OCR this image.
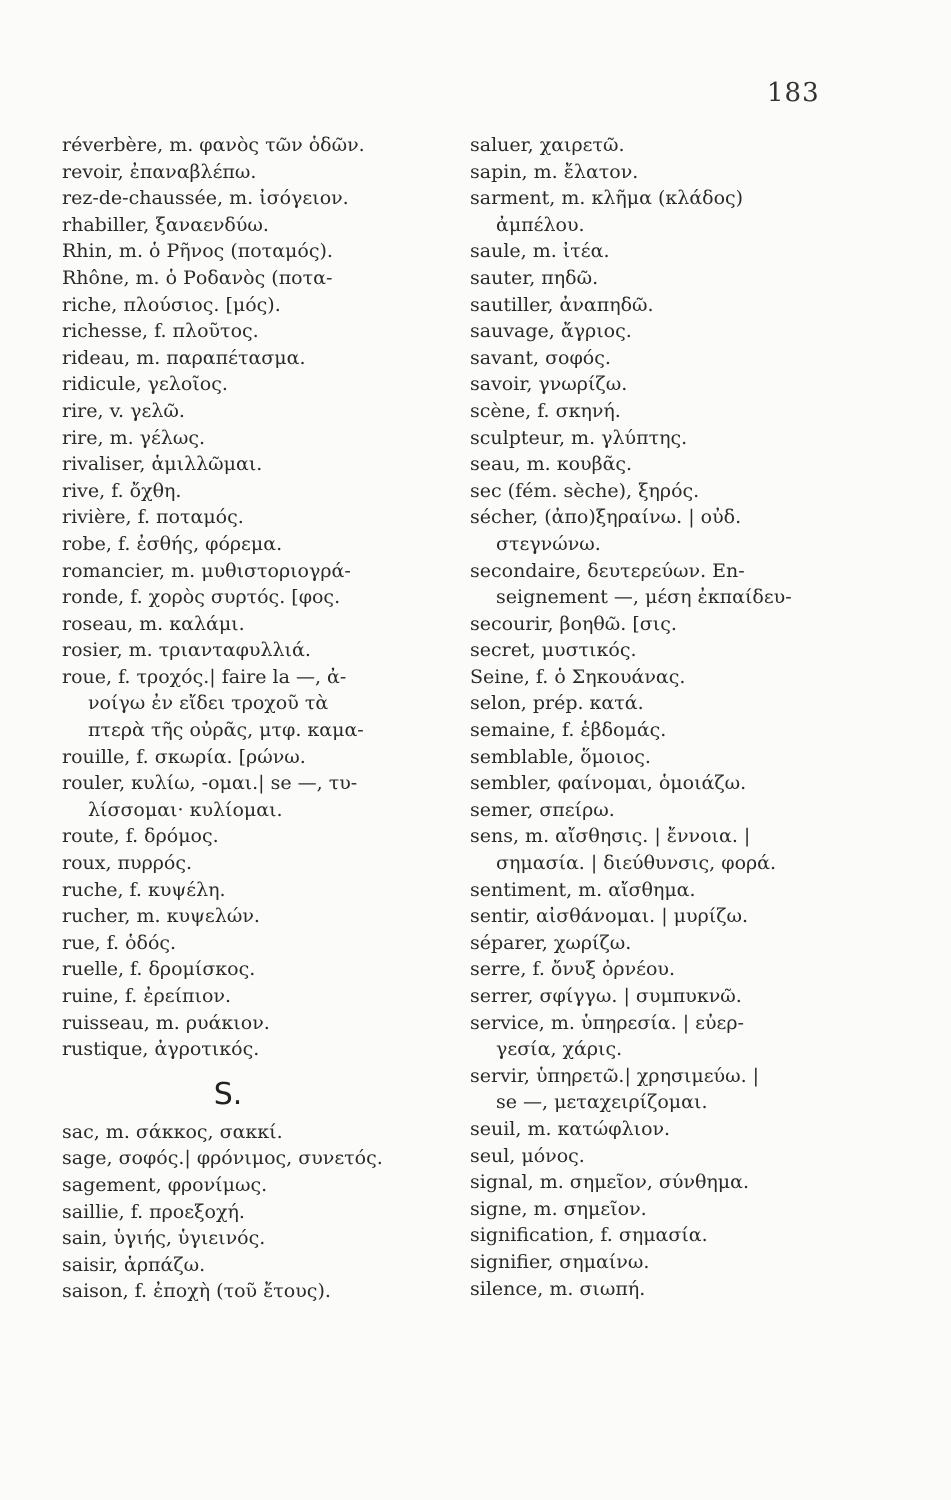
183
réverbère, m. φανὸς τῶν ὁδῶν.
revoir, ἐπαναβλέπω.
rez-de-chaussée, m. ἰσόγειον.
rhabiller, ξαναενδύω.
Rhin, m. ὁ Ρῆνος (ποταμός).
Rhône, m. ὁ Ροδανὸς (ποτα-
riche, πλούσιος. [μός).
richesse, f. πλοῦτος.
rideau, m. παραπέτασμα.
ridicule, γελοῖος.
rire, v. γελῶ.
rire, m. γέλως.
rivaliser, ἁμιλλῶμαι.
rive, f. ὄχθη.
rivière, f. ποταμός.
robe, f. ἐσθής, φόρεμα.
romancier, m. μυθιστοριογρά-
ronde, f. χορὸς συρτός. [φος.
roseau, m. καλάμι.
rosier, m. τριανταφυλλιά.
roue, f. τροχός.| faire la —, ἀ-
νοίγω ἐν εἴδει τροχοῦ τὰ
πτερὰ τῆς οὐρᾶς, μτφ. καμα-
rouille, f. σκωρία. [ρώνω.
rouler, κυλίω, -ομαι.| se —, τυ-
λίσσομαι· κυλίομαι.
route, f. δρόμος.
roux, πυρρός.
ruche, f. κυψέλη.
rucher, m. κυψελών.
rue, f. ὁδός.
ruelle, f. δρομίσκος.
ruine, f. ἐρείπιον.
ruisseau, m. ρυάκιον.
rustique, ἀγροτικός.
S.
sac, m. σάκκος, σακκί.
sage, σοφός.| φρόνιμος, συνετός.
sagement, φρονίμως.
saillie, f. προεξοχή.
sain, ὑγιής, ὑγιεινός.
saisir, ἁρπάζω.
saison, f. ἐποχὴ (τοῦ ἔτους).
saluer, χαιρετῶ.
sapin, m. ἔλατον.
sarment, m. κλῆμα (κλάδος)
ἀμπέλου.
saule, m. ἰτέα.
sauter, πηδῶ.
sautiller, ἀναπηδῶ.
sauvage, ἄγριος.
savant, σοφός.
savoir, γνωρίζω.
scène, f. σκηνή.
sculpteur, m. γλύπτης.
seau, m. κουβᾶς.
sec (fém. sèche), ξηρός.
sécher, (ἀπο)ξηραίνω. | οὐδ.
στεγνώνω.
secondaire, δευτερεύων. En-
seignement —, μέση ἐκπαίδευ-
secourir, βοηθῶ. [σις.
secret, μυστικός.
Seine, f. ὁ Σηκουάνας.
selon, prép. κατά.
semaine, f. ἑβδομάς.
semblable, ὅμοιος.
sembler, φαίνομαι, ὁμοιάζω.
semer, σπείρω.
sens, m. αἴσθησις. | ἔννοια. |
σημασία. | διεύθυνσις, φορά.
sentiment, m. αἴσθημα.
sentir, αἰσθάνομαι. | μυρίζω.
séparer, χωρίζω.
serre, f. ὄνυξ ὀρνέου.
serrer, σφίγγω. | συμπυκνῶ.
service, m. ὑπηρεσία. | εὐερ-
γεσία, χάρις.
servir, ὑπηρετῶ.| χρησιμεύω. |
se —, μεταχειρίζομαι.
seuil, m. κατώφλιον.
seul, μόνος.
signal, m. σημεῖον, σύνθημα.
signe, m. σημεῖον.
signification, f. σημασία.
signifier, σημαίνω.
silence, m. σιωπή.
